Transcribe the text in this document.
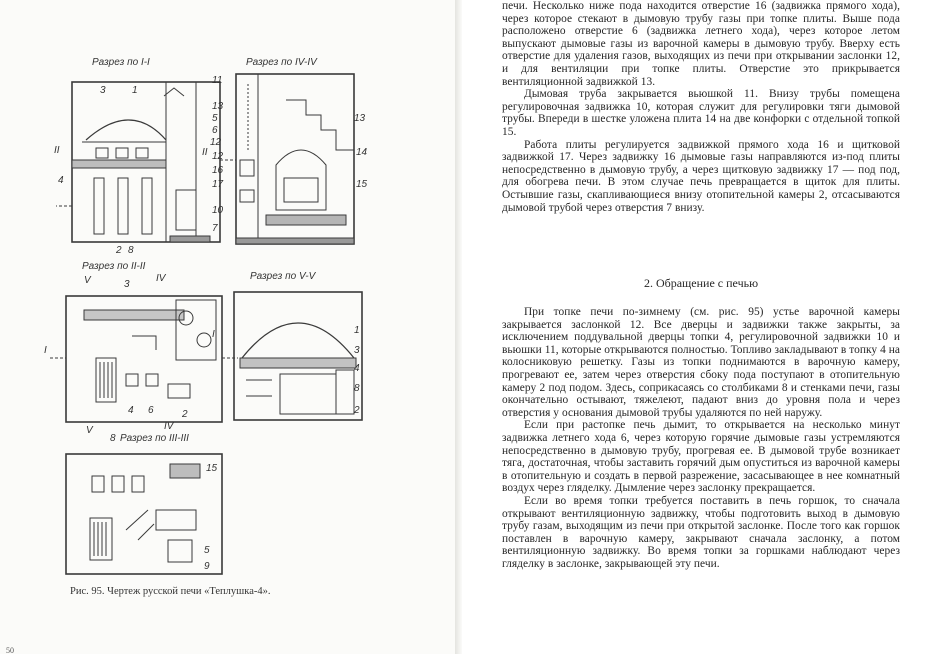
Разрез по I-I	Разрез по IV-IV
Разрез по II-II
Разрез по V-V
Разрез по III-III
II	II
I
I
V	IV
V	IV
3	1
13
5
6
12
4
2 8
11
13
12
16
17
10
7
14
15
3
4 6	2
1
3
4
8
2
8
15
5
9
Рис. 95. Чертеж русской печи «Теплушка-4».
50

печи. Несколько ниже пода находится отверстие 16 (задвижка прямого хода), через которое стекают в дымовую трубу газы при топке плиты. Выше пода расположено отверстие 6 (задвижка летнего хода), через которое летом выпускают дымовые газы из варочной камеры в дымовую трубу. Вверху есть отверстие для удаления газов, выходящих из печи при открывании заслонки 12, и для вентиляции при топке плиты. Отверстие это прикрывается вентиляционной задвижкой 13.

Дымовая труба закрывается вьюшкой 11. Внизу трубы помещена регулировочная задвижка 10, которая служит для регулировки тяги дымовой трубы. Впереди в шестке уложена плита 14 на две конфорки с отдельной топкой 15.

Работа плиты регулируется задвижкой прямого хода 16 и щитковой задвижкой 17. Через задвижку 16 дымовые газы направляются из-под плиты непосредственно в дымовую трубу, а через щитковую задвижку 17 — под под, для обогрева печи. В этом случае печь превращается в щиток для плиты. Остывшие газы, скапливающиеся внизу отопительной камеры 2, отсасываются дымовой трубой через отверстия 7 внизу.

2. Обращение с печью

При топке печи по-зимнему (см. рис. 95) устье варочной камеры закрывается заслонкой 12. Все дверцы и задвижки также закрыты, за исключением поддувальной дверцы топки 4, регулировочной задвижки 10 и вьюшки 11, которые открываются полностью. Топливо закладывают в топку 4 на колосниковую решетку. Газы из топки поднимаются в варочную камеру, прогревают ее, затем через отверстия сбоку пода поступают в отопительную камеру 2 под подом. Здесь, соприкасаясь со столбиками 8 и стенками печи, газы окончательно остывают, тяжелеют, падают вниз до уровня пола и через отверстия у основания дымовой трубы удаляются по ней наружу.

Если при растопке печь дымит, то открывается на несколько минут задвижка летнего хода 6, через которую горячие дымовые газы устремляются непосредственно в дымовую трубу, прогревая ее. В дымовой трубе возникает тяга, достаточная, чтобы заставить горячий дым опуститься из варочной камеры в отопительную и создать в первой разрежение, засасывающее в нее комнатный воздух через гляделку. Дымление через заслонку прекращается.

Если во время топки требуется поставить в печь горшок, то сначала открывают вентиляционную задвижку, чтобы подготовить выход в дымовую трубу газам, выходящим из печи при открытой заслонке. После того как горшок поставлен в варочную камеру, закрывают сначала заслонку, а потом вентиляционную задвижку. Во время топки за горшками наблюдают через гляделку в заслонке, закрывающей эту печи.
